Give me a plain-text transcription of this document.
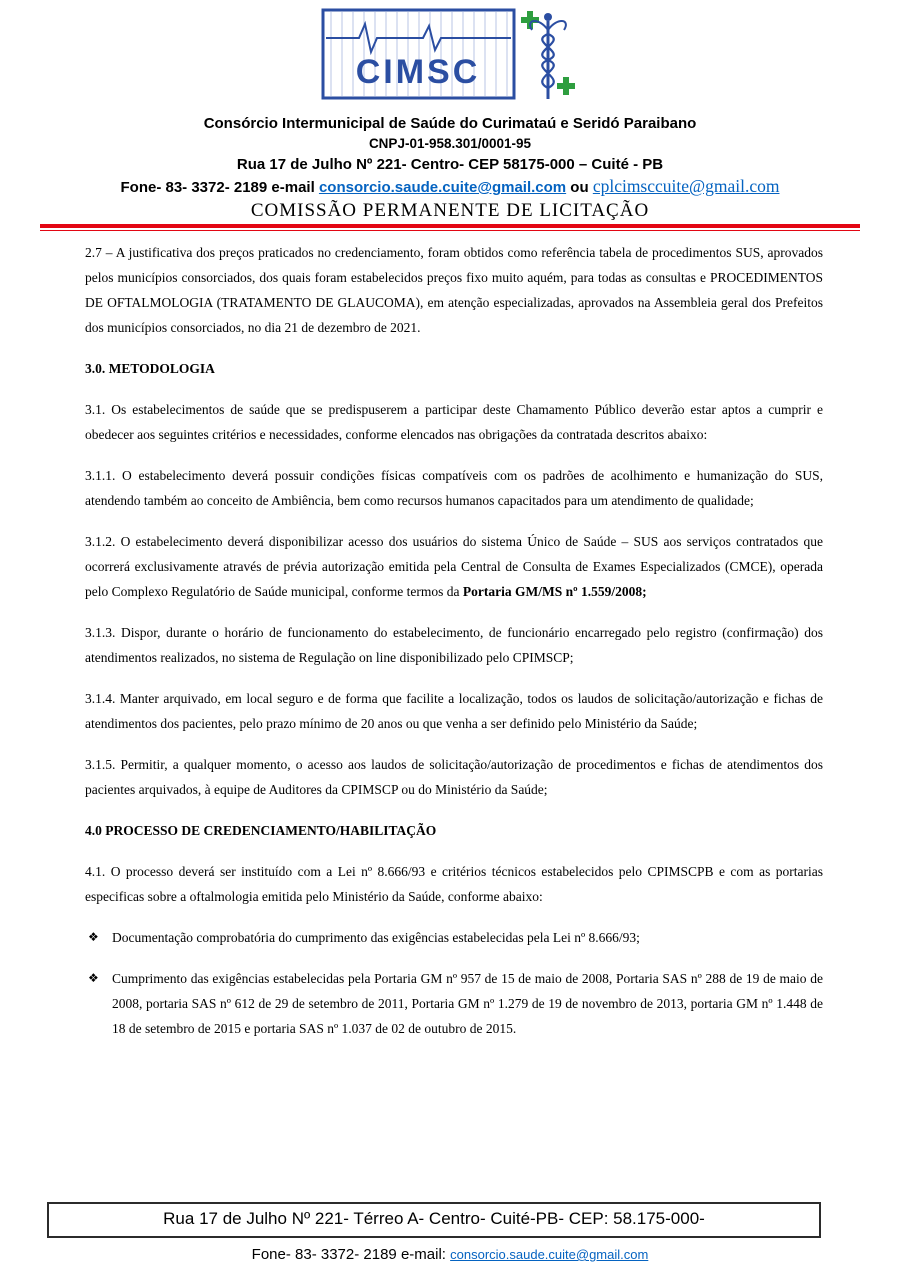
CIMSC
Consórcio Intermunicipal de Saúde do Curimataú e Seridó Paraibano
CNPJ-01-958.301/0001-95
Rua 17 de Julho Nº 221- Centro- CEP 58175-000 – Cuité - PB
Fone- 83- 3372- 2189 e-mail consorcio.saude.cuite@gmail.com ou cplcimsccuite@gmail.com
COMISSÃO PERMANENTE DE LICITAÇÃO

2.7 – A justificativa dos preços praticados no credenciamento, foram obtidos como referência tabela de procedimentos SUS, aprovados pelos municípios consorciados, dos quais foram estabelecidos preços fixo muito aquém, para todas as consultas e PROCEDIMENTOS DE OFTALMOLOGIA (TRATAMENTO DE GLAUCOMA), em atenção especializadas, aprovados na Assembleia geral dos Prefeitos dos municípios consorciados, no dia 21 de dezembro de 2021.

3.0. METODOLOGIA

3.1. Os estabelecimentos de saúde que se predispuserem a participar deste Chamamento Público deverão estar aptos a cumprir e obedecer aos seguintes critérios e necessidades, conforme elencados nas obrigações da contratada descritos abaixo:

3.1.1. O estabelecimento deverá possuir condições físicas compatíveis com os padrões de acolhimento e humanização do SUS, atendendo também ao conceito de Ambiência, bem como recursos humanos capacitados para um atendimento de qualidade;

3.1.2. O estabelecimento deverá disponibilizar acesso dos usuários do sistema Único de Saúde – SUS aos serviços contratados que ocorrerá exclusivamente através de prévia autorização emitida pela Central de Consulta de Exames Especializados (CMCE), operada pelo Complexo Regulatório de Saúde municipal, conforme termos da Portaria GM/MS nº 1.559/2008;

3.1.3. Dispor, durante o horário de funcionamento do estabelecimento, de funcionário encarregado pelo registro (confirmação) dos atendimentos realizados, no sistema de Regulação on line disponibilizado pelo CPIMSCP;

3.1.4. Manter arquivado, em local seguro e de forma que facilite a localização, todos os laudos de solicitação/autorização e fichas de atendimentos dos pacientes, pelo prazo mínimo de 20 anos ou que venha a ser definido pelo Ministério da Saúde;

3.1.5. Permitir, a qualquer momento, o acesso aos laudos de solicitação/autorização de procedimentos e fichas de atendimentos dos pacientes arquivados, à equipe de Auditores da CPIMSCP ou do Ministério da Saúde;

4.0 PROCESSO DE CREDENCIAMENTO/HABILITAÇÃO

4.1. O processo deverá ser instituído com a Lei nº 8.666/93 e critérios técnicos estabelecidos pelo CPIMSCPB e com as portarias especificas sobre a oftalmologia emitida pelo Ministério da Saúde, conforme abaixo:

❖ Documentação comprobatória do cumprimento das exigências estabelecidas pela Lei nº 8.666/93;
❖ Cumprimento das exigências estabelecidas pela Portaria GM nº 957 de 15 de maio de 2008, Portaria SAS nº 288 de 19 de maio de 2008, portaria SAS nº 612 de 29 de setembro de 2011, Portaria GM nº 1.279 de 19 de novembro de 2013, portaria GM nº 1.448 de 18 de setembro de 2015 e portaria SAS nº 1.037 de 02 de outubro de 2015.
Rua 17 de Julho Nº 221- Térreo A- Centro- Cuité-PB- CEP: 58.175-000-
Fone- 83- 3372- 2189 e-mail: consorcio.saude.cuite@gmail.com
